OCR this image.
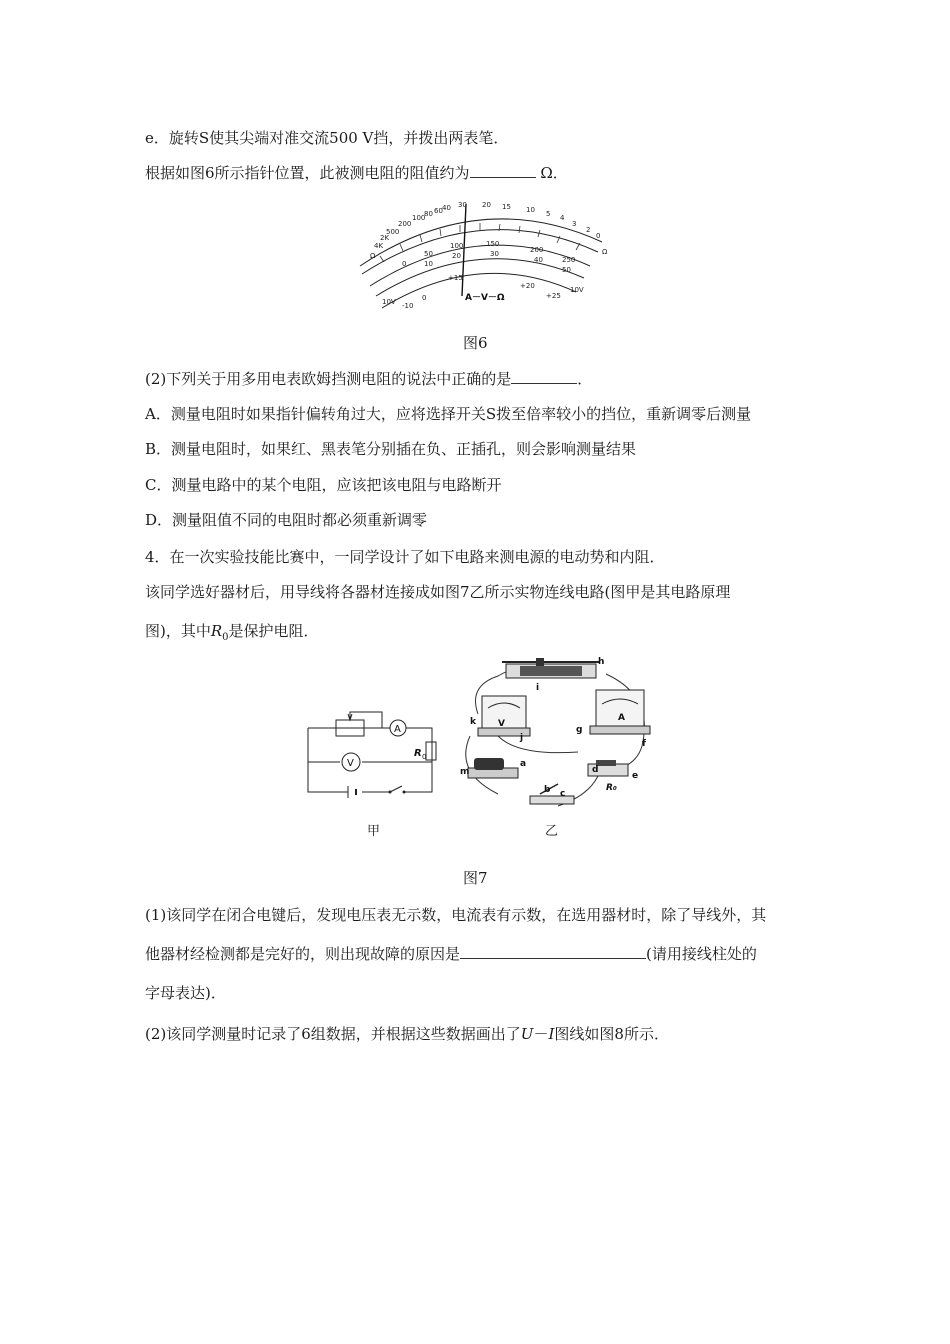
e．旋转S使其尖端对准交流500 V挡，并拨出两表笔．
根据如图6所示指针位置，此被测电阻的阻值约为	Ω．
Ω	Ω
4K
2K
500
200
100
80 60 40 30 20 15 10 5 4
3
2
0
0
50
100	150
200
250
10
20	30
40
50
10V -10
0
+15
+20
+25
10V
A－V－Ω
图6
(2)下列关于用多用电表欧姆挡测电阻的说法中正确的是	．
A．测量电阻时如果指针偏转角过大，应将选择开关S拨至倍率较小的挡位，重新调零后测量
B．测量电阻时，如果红、黑表笔分别插在负、正插孔，则会影响测量结果
C．测量电路中的某个电阻，应该把该电阻与电路断开
D．测量阻值不同的电阻时都必须重新调零
4．在一次实验技能比赛中，一同学设计了如下电路来测电源的电动势和内阻．
该同学选好器材后，用导线将各器材连接成如图7乙所示实物连线电路(图甲是其电路原理
图)，其中$R_0$是保护电阻．
A
V
R 0
甲
h
i
k
j
g
f
d
e
m
a
b c
V
A
R₀
乙
图7
(1)该同学在闭合电键后，发现电压表无示数，电流表有示数，在选用器材时，除了导线外，其
他器材经检测都是完好的，则出现故障的原因是	(请用接线柱处的
字母表达)．
(2)该同学测量时记录了6组数据，并根据这些数据画出了U－I图线如图8所示．
